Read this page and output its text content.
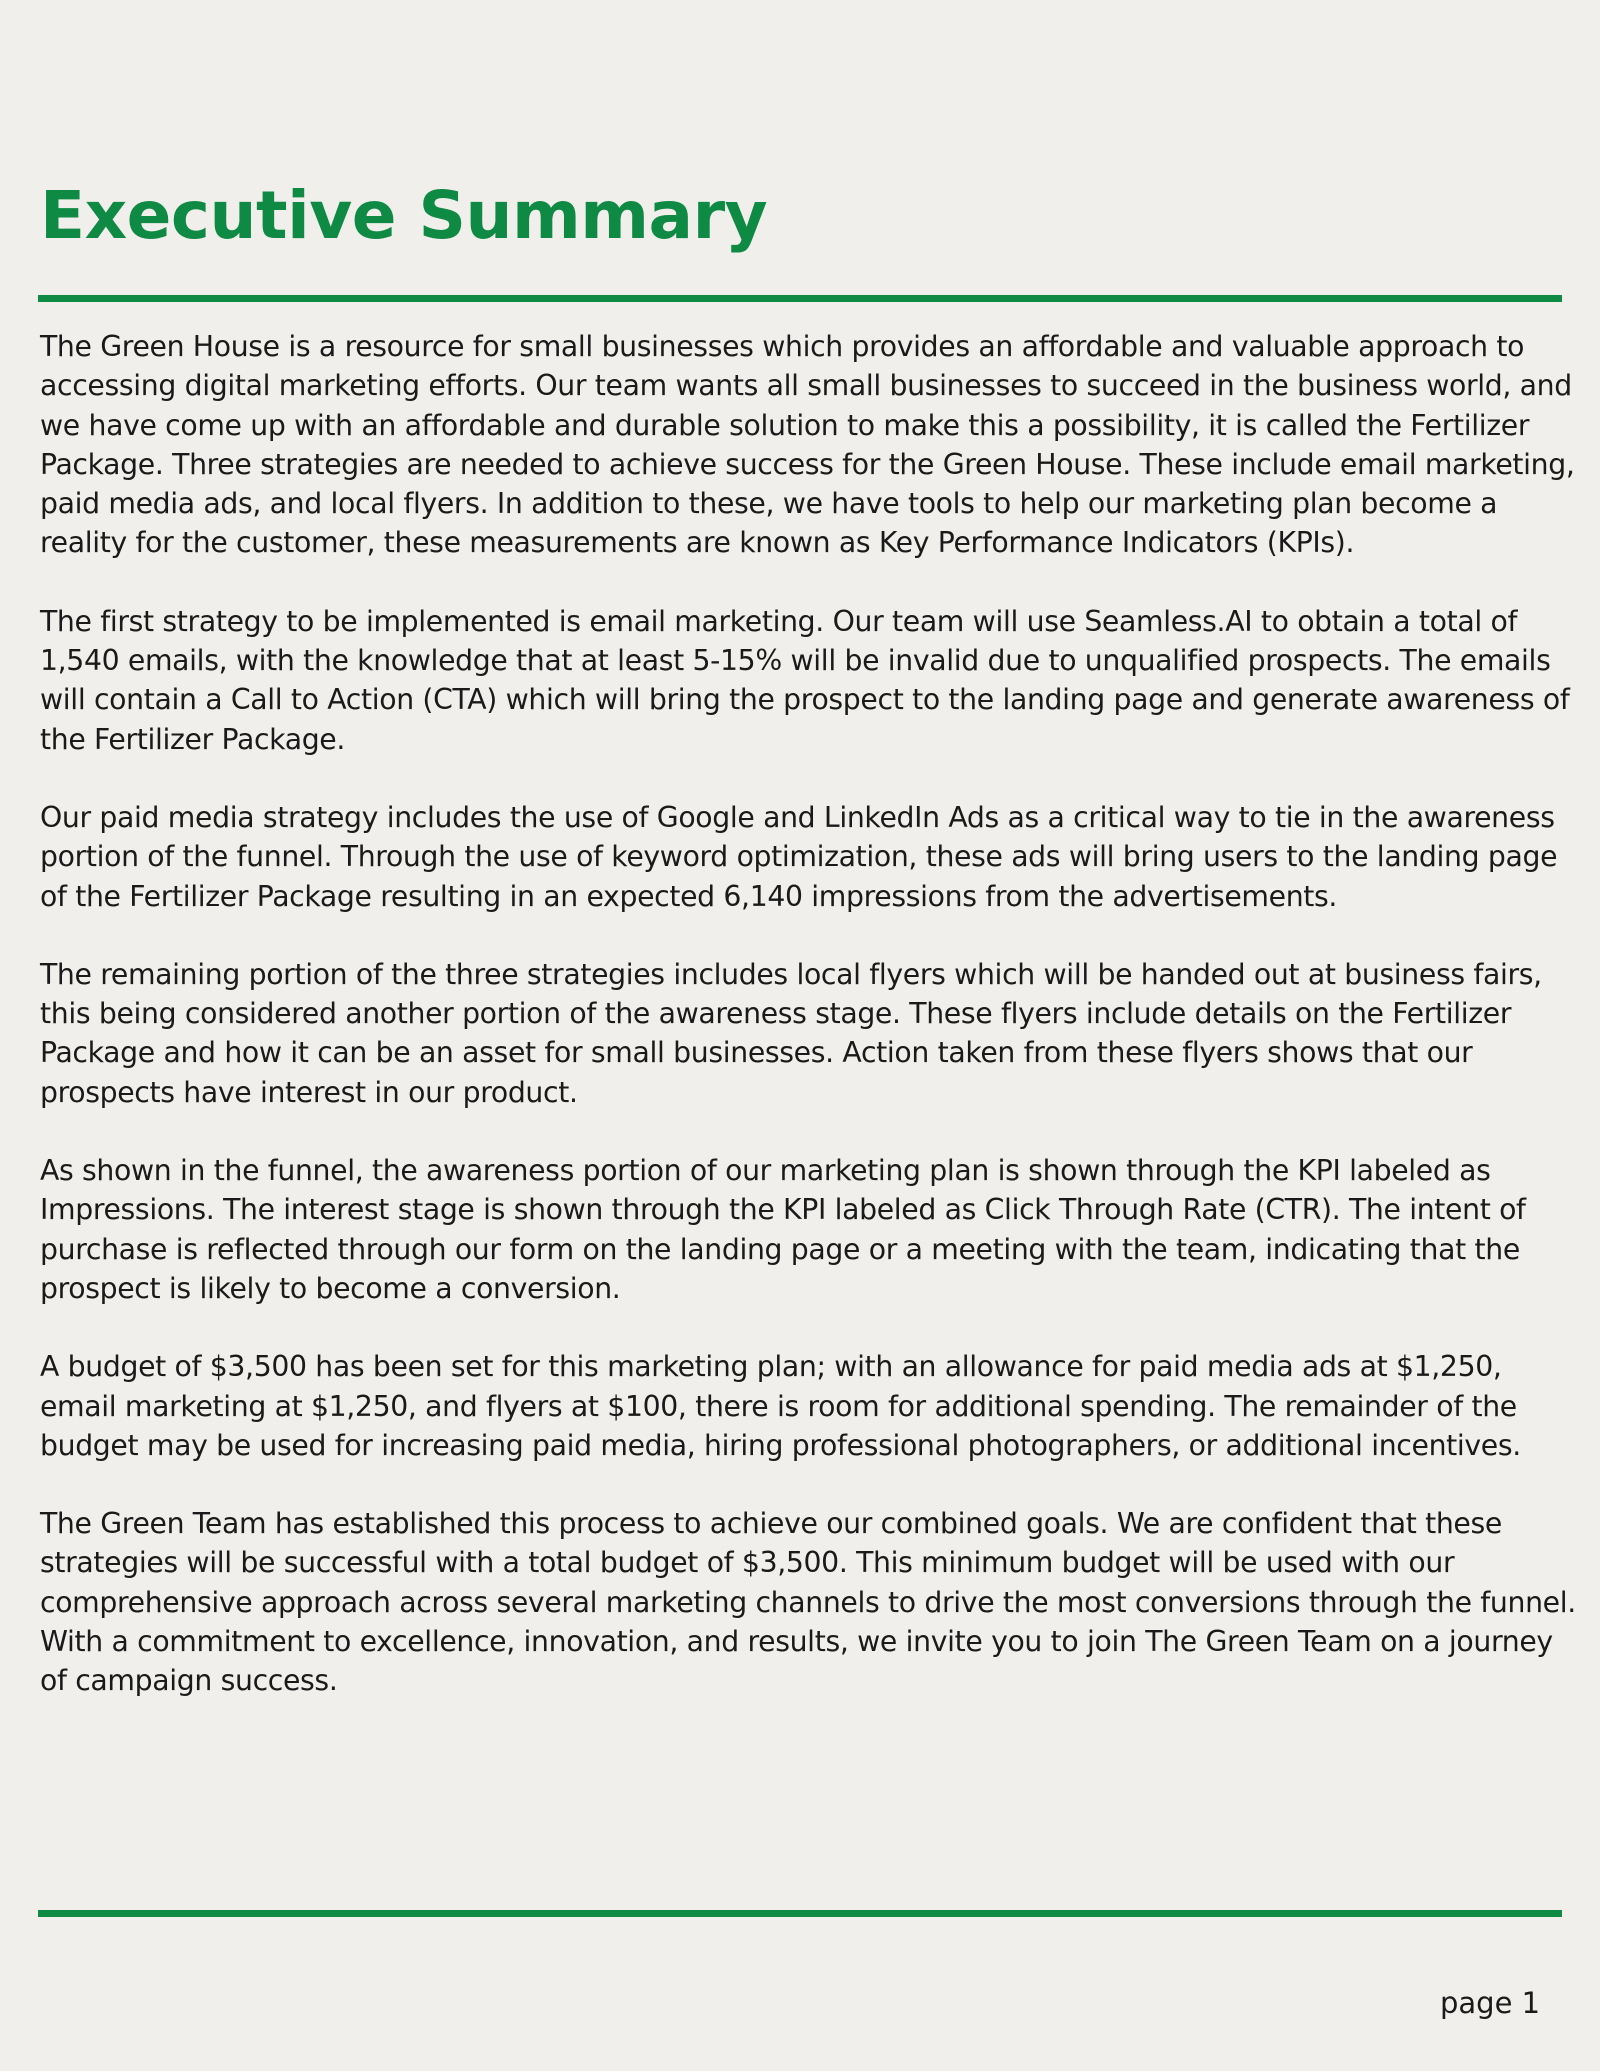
Executive Summary

The Green House is a resource for small businesses which provides an affordable and valuable approach to accessing digital marketing efforts. Our team wants all small businesses to succeed in the business world, and we have come up with an affordable and durable solution to make this a possibility, it is called the Fertilizer Package. Three strategies are needed to achieve success for the Green House. These include email marketing, paid media ads, and local flyers. In addition to these, we have tools to help our marketing plan become a reality for the customer, these measurements are known as Key Performance Indicators (KPIs).

The first strategy to be implemented is email marketing. Our team will use Seamless.AI to obtain a total of 1,540 emails, with the knowledge that at least 5-15% will be invalid due to unqualified prospects. The emails will contain a Call to Action (CTA) which will bring the prospect to the landing page and generate awareness of the Fertilizer Package.

Our paid media strategy includes the use of Google and LinkedIn Ads as a critical way to tie in the awareness portion of the funnel. Through the use of keyword optimization, these ads will bring users to the landing page of the Fertilizer Package resulting in an expected 6,140 impressions from the advertisements.

The remaining portion of the three strategies includes local flyers which will be handed out at business fairs, this being considered another portion of the awareness stage. These flyers include details on the Fertilizer Package and how it can be an asset for small businesses. Action taken from these flyers shows that our prospects have interest in our product.

As shown in the funnel, the awareness portion of our marketing plan is shown through the KPI labeled as Impressions. The interest stage is shown through the KPI labeled as Click Through Rate (CTR). The intent of purchase is reflected through our form on the landing page or a meeting with the team, indicating that the prospect is likely to become a conversion.

A budget of $3,500 has been set for this marketing plan; with an allowance for paid media ads at $1,250, email marketing at $1,250, and flyers at $100, there is room for additional spending. The remainder of the budget may be used for increasing paid media, hiring professional photographers, or additional incentives.

The Green Team has established this process to achieve our combined goals. We are confident that these strategies will be successful with a total budget of $3,500. This minimum budget will be used with our comprehensive approach across several marketing channels to drive the most conversions through the funnel. With a commitment to excellence, innovation, and results, we invite you to join The Green Team on a journey of campaign success.

page 1
